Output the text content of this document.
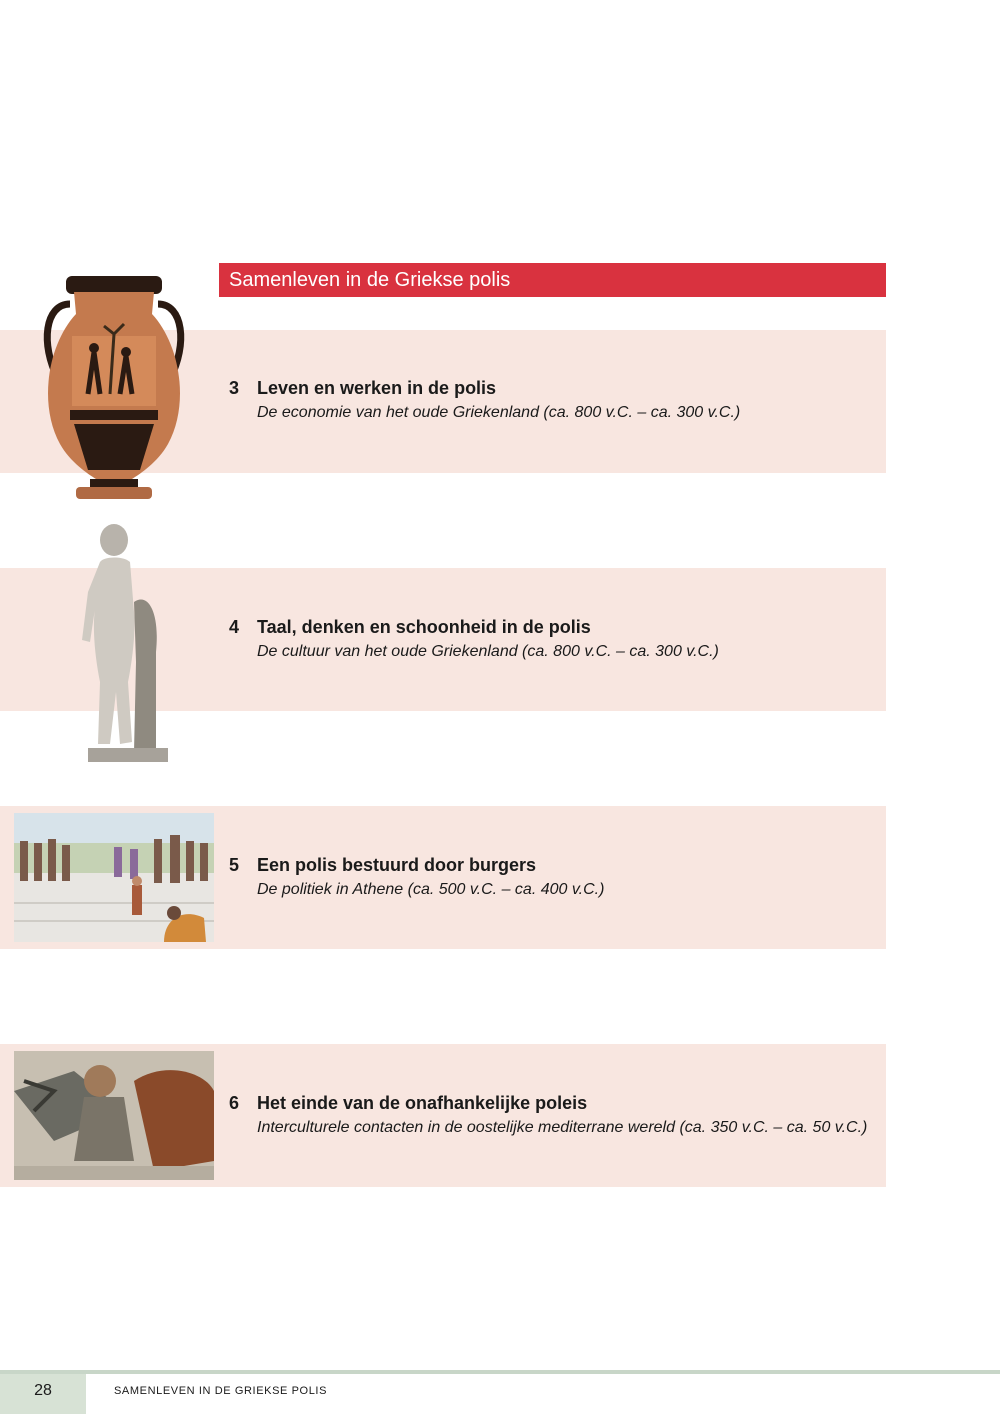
Samenleven in de Griekse polis
3 Leven en werken in de polis
De economie van het oude Griekenland (ca. 800 v.C. – ca. 300 v.C.)
4 Taal, denken en schoonheid in de polis
De cultuur van het oude Griekenland (ca. 800 v.C. – ca. 300 v.C.)
5 Een polis bestuurd door burgers
De politiek in Athene (ca. 500 v.C. – ca. 400 v.C.)
6 Het einde van de onafhankelijke poleis
Interculturele contacten in de oostelijke mediterrane wereld (ca. 350 v.C. – ca. 50 v.C.)
28	SAMENLEVEN IN DE GRIEKSE POLIS
